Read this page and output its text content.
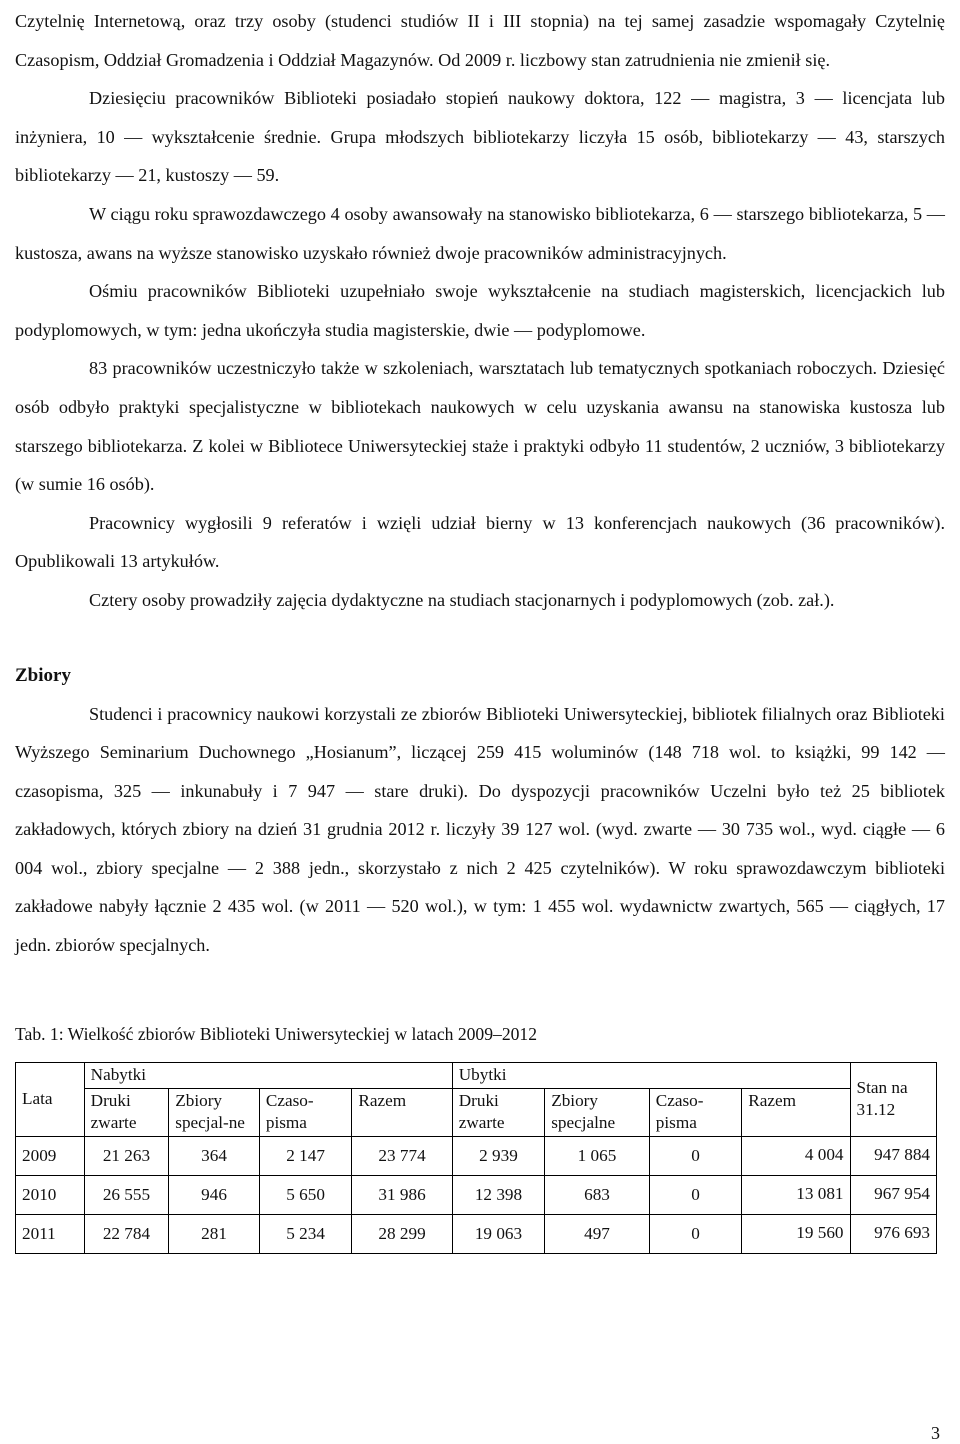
Czytelnię Internetową, oraz trzy osoby (studenci studiów II i III stopnia) na tej samej zasadzie wspomagały Czytelnię Czasopism, Oddział Gromadzenia i Oddział Magazynów. Od 2009 r. liczbowy stan zatrudnienia nie zmienił się.

Dziesięciu pracowników Biblioteki posiadało stopień naukowy doktora, 122 — magistra, 3 — licencjata lub inżyniera, 10 — wykształcenie średnie. Grupa młodszych bibliotekarzy liczyła 15 osób, bibliotekarzy — 43, starszych bibliotekarzy — 21, kustoszy — 59.

W ciągu roku sprawozdawczego 4 osoby awansowały na stanowisko bibliotekarza, 6 — starszego bibliotekarza, 5 — kustosza, awans na wyższe stanowisko uzyskało również dwoje pracowników administracyjnych.

Ośmiu pracowników Biblioteki uzupełniało swoje wykształcenie na studiach magisterskich, licencjackich lub podyplomowych, w tym: jedna ukończyła studia magisterskie, dwie — podyplomowe.

83 pracowników uczestniczyło także w szkoleniach, warsztatach lub tematycznych spotkaniach roboczych. Dziesięć osób odbyło praktyki specjalistyczne w bibliotekach naukowych w celu uzyskania awansu na stanowiska kustosza lub starszego bibliotekarza. Z kolei w Bibliotece Uniwersyteckiej staże i praktyki odbyło 11 studentów, 2 uczniów, 3 bibliotekarzy (w sumie 16 osób).

Pracownicy wygłosili 9 referatów i wzięli udział bierny w 13 konferencjach naukowych (36 pracowników). Opublikowali 13 artykułów.

Cztery osoby prowadziły zajęcia dydaktyczne na studiach stacjonarnych i podyplomowych (zob. zał.).

Zbiory

Studenci i pracownicy naukowi korzystali ze zbiorów Biblioteki Uniwersyteckiej, bibliotek filialnych oraz Biblioteki Wyższego Seminarium Duchownego „Hosianum”, liczącej 259 415 woluminów (148 718 wol. to książki, 99 142 — czasopisma, 325 — inkunabuły i 7 947 — stare druki). Do dyspozycji pracowników Uczelni było też 25 bibliotek zakładowych, których zbiory na dzień 31 grudnia 2012 r. liczyły 39 127 wol. (wyd. zwarte — 30 735 wol., wyd. ciągłe — 6 004 wol., zbiory specjalne — 2 388 jedn., skorzystało z nich 2 425 czytelników). W roku sprawozdawczym biblioteki zakładowe nabyły łącznie 2 435 wol. (w 2011 — 520 wol.), w tym: 1 455 wol. wydawnictw zwartych, 565 — ciągłych, 17 jedn. zbiorów specjalnych.

Tab. 1: Wielkość zbiorów Biblioteki Uniwersyteckiej w latach 2009–2012

Lata	Nabytki				Ubytki				Stan na 31.12
	Druki zwarte	Zbiory specjal-ne	Czaso-pisma	Razem	Druki zwarte	Zbiory specjalne	Czaso-pisma	Razem	
2009	21 263	364	2 147	23 774	2 939	1 065	0	4 004	947 884
2010	26 555	946	5 650	31 986	12 398	683	0	13 081	967 954
2011	22 784	281	5 234	28 299	19 063	497	0	19 560	976 693
3
